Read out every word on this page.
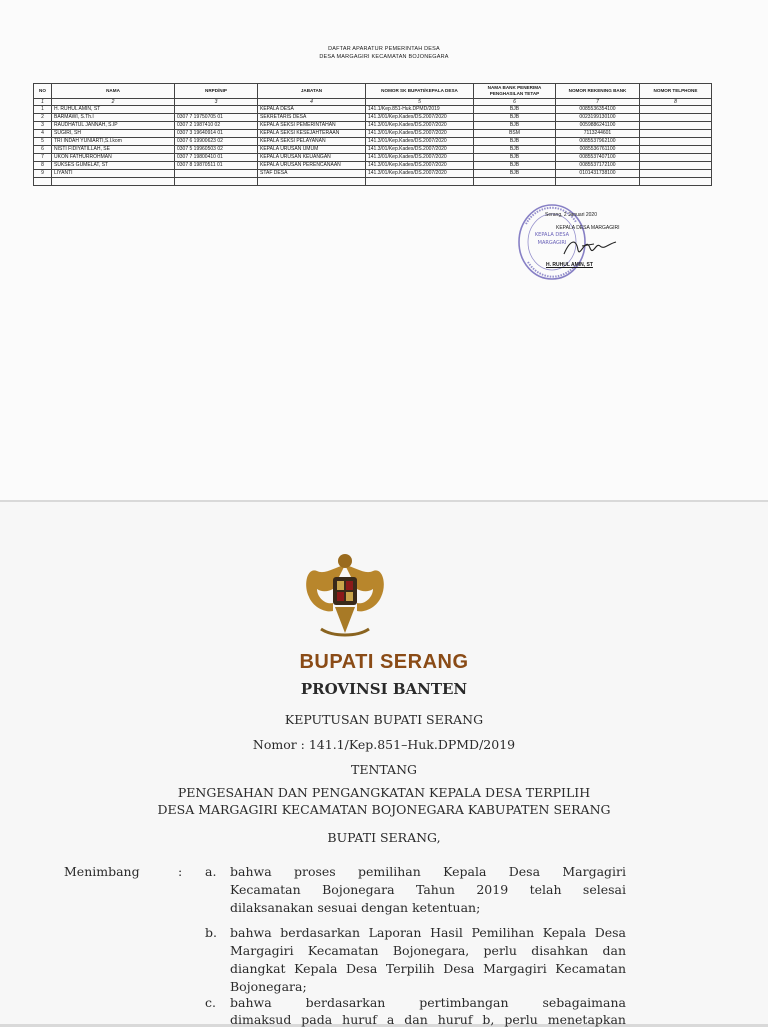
DAFTAR APARATUR PEMERINTAH DESA
DESA MARGAGIRI KECAMATAN BOJONEGARA
NO	NAMA	NRPD/NIP	JABATAN	NOMOR SK BUPATI/KEPALA DESA	NAMA BANK PENERIMA PENGHASILAN TETAP	NOMOR REKENING BANK	NOMOR TELPHONE
1	2	3	4	5	6	7	8
1	H. RUHUL AMIN, ST		KEPALA DESA	141.1/Kep.851-Huk.DPMD/2019	BJB	0085536354100	
2	BARMAWI, S.Th.I	0307 7 19750705 01	SEKRETARIS DESA	141.3/01/Kep.Kades/DS.2007/2020	BJB	0023199130100	
3	RAUDHATUL JANNAH, S.IP	0307 2 1987410 02	KEPALA SEKSI PEMERINTAHAN	141.3/01/Kep.Kades/DS.2007/2020	BJB	0059886241100	
4	SUGIRI, SH	0307 3 19640914 01	KEPALA SEKSI KESEJAHTERAAN	141.3/01/Kep.Kades/DS.2007/2020	BSM	7113244601	
5	TRI INDAH YUNIARTI,S.I.kom	0307 6 19900623 02	KEPALA SEKSI PELAYANAN	141.3/01/Kep.Kades/DS.2007/2020	BJB	0085537962100	
6	NISTI FIDIYATILLAH, SE	0307 5 19960503 02	KEPALA URUSAN UMUM	141.3/01/Kep.Kades/DS.2007/2020	BJB	0085536761100	
7	UKON FATHURROHMAN	0307 7 19800410 01	KEPALA URUSAN KEUANGAN	141.3/01/Kep.Kades/DS.2007/2020	BJB	0085537407100	
8	SUKSES GUMELAT, ST	0307 8 19870511 01	KEPALA URUSAN PERENCANAAN	141.3/01/Kep.Kades/DS.2007/2020	BJB	0085537172100	
9	LIYANTI		STAF DESA	141.3/01/Kep.Kades/DS.2007/2020	BJB	0101431738100	

KEPALA DESA
MARGAGIRI
Serang, 2 Januari 2020
KEPALA DESA MARGAGIRI
H. RUHUL AMIN, ST
BUPATI SERANG
PROVINSI BANTEN
KEPUTUSAN BUPATI SERANG
Nomor : 141.1/Kep.851–Huk.DPMD/2019
TENTANG
PENGESAHAN DAN PENGANGKATAN KEPALA DESA TERPILIH
DESA MARGAGIRI KECAMATAN BOJONEGARA KABUPATEN SERANG
BUPATI SERANG,
Menimbang	: a. bahwa proses pemilihan Kepala Desa Margagiri
Kecamatan Bojonegara Tahun 2019 telah selesai
dilaksanakan sesuai dengan ketentuan;
b. bahwa berdasarkan Laporan Hasil Pemilihan Kepala Desa
Margagiri Kecamatan Bojonegara, perlu disahkan dan
diangkat Kepala Desa Terpilih Desa Margagiri Kecamatan
Bojonegara;
c. bahwa berdasarkan pertimbangan sebagaimana
dimaksud pada huruf a dan huruf b, perlu menetapkan
